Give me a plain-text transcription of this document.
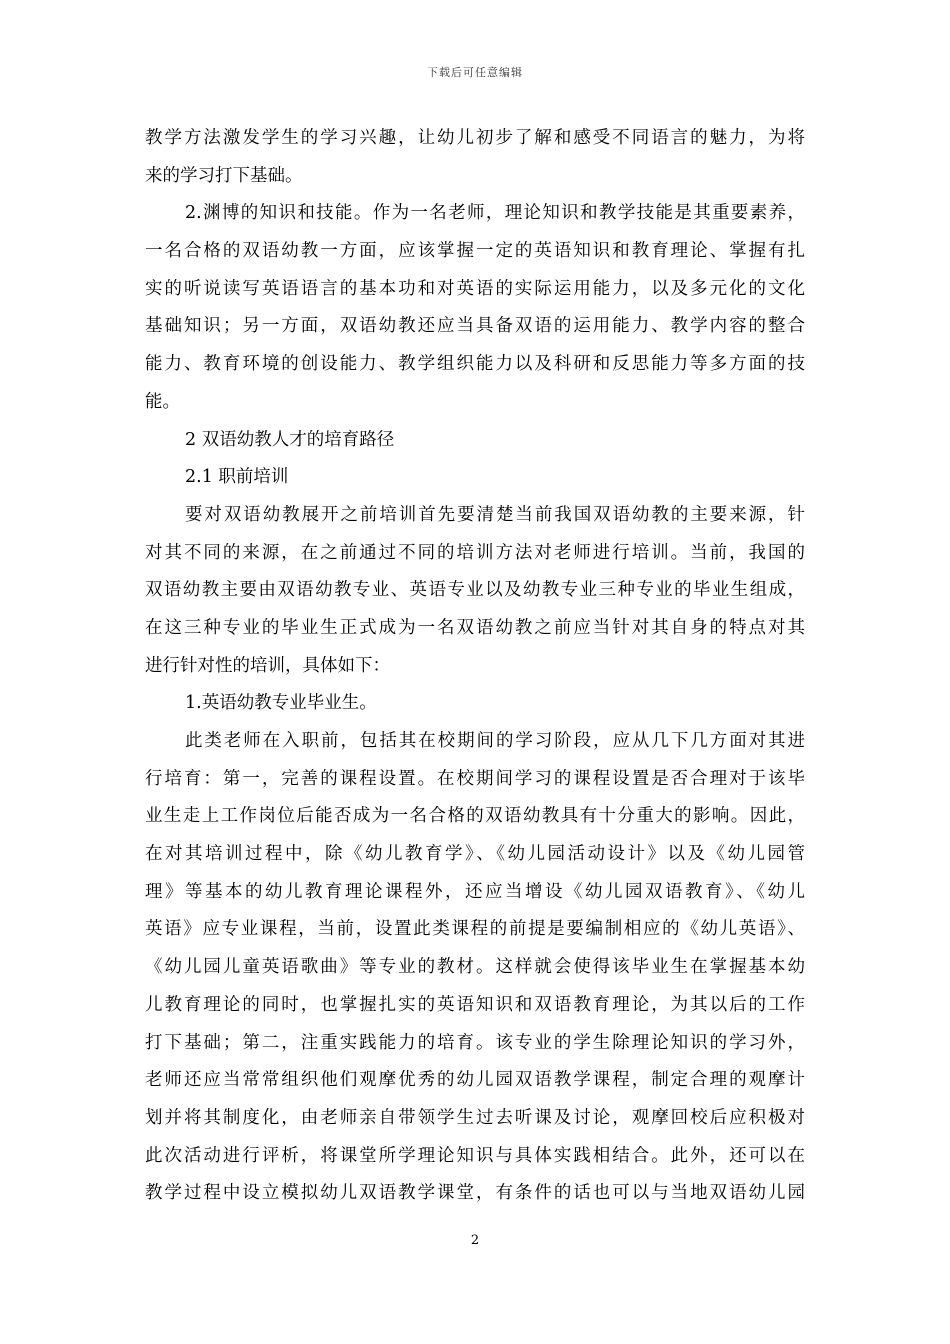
下载后可任意编辑
教学方法激发学生的学习兴趣，让幼儿初步了解和感受不同语言的魅力，为将
来的学习打下基础。
2.渊博的知识和技能。作为一名老师，理论知识和教学技能是其重要素养，
一名合格的双语幼教一方面，应该掌握一定的英语知识和教育理论、掌握有扎
实的听说读写英语语言的基本功和对英语的实际运用能力，以及多元化的文化
基础知识；另一方面，双语幼教还应当具备双语的运用能力、教学内容的整合
能力、教育环境的创设能力、教学组织能力以及科研和反思能力等多方面的技
能。
2 双语幼教人才的培育路径
2.1 职前培训
要对双语幼教展开之前培训首先要清楚当前我国双语幼教的主要来源，针
对其不同的来源，在之前通过不同的培训方法对老师进行培训。当前，我国的
双语幼教主要由双语幼教专业、英语专业以及幼教专业三种专业的毕业生组成，
在这三种专业的毕业生正式成为一名双语幼教之前应当针对其自身的特点对其
进行针对性的培训，具体如下：
1.英语幼教专业毕业生。
此类老师在入职前，包括其在校期间的学习阶段，应从几下几方面对其进
行培育：第一，完善的课程设置。在校期间学习的课程设置是否合理对于该毕
业生走上工作岗位后能否成为一名合格的双语幼教具有十分重大的影响。因此，
在对其培训过程中，除《幼儿教育学》、《幼儿园活动设计》以及《幼儿园管
理》等基本的幼儿教育理论课程外，还应当增设《幼儿园双语教育》、《幼儿
英语》应专业课程，当前，设置此类课程的前提是要编制相应的《幼儿英语》、
《幼儿园儿童英语歌曲》等专业的教材。这样就会使得该毕业生在掌握基本幼
儿教育理论的同时，也掌握扎实的英语知识和双语教育理论，为其以后的工作
打下基础；第二，注重实践能力的培育。该专业的学生除理论知识的学习外，
老师还应当常常组织他们观摩优秀的幼儿园双语教学课程，制定合理的观摩计
划并将其制度化，由老师亲自带领学生过去听课及讨论，观摩回校后应积极对
此次活动进行评析，将课堂所学理论知识与具体实践相结合。此外，还可以在
教学过程中设立模拟幼儿双语教学课堂，有条件的话也可以与当地双语幼儿园
2
